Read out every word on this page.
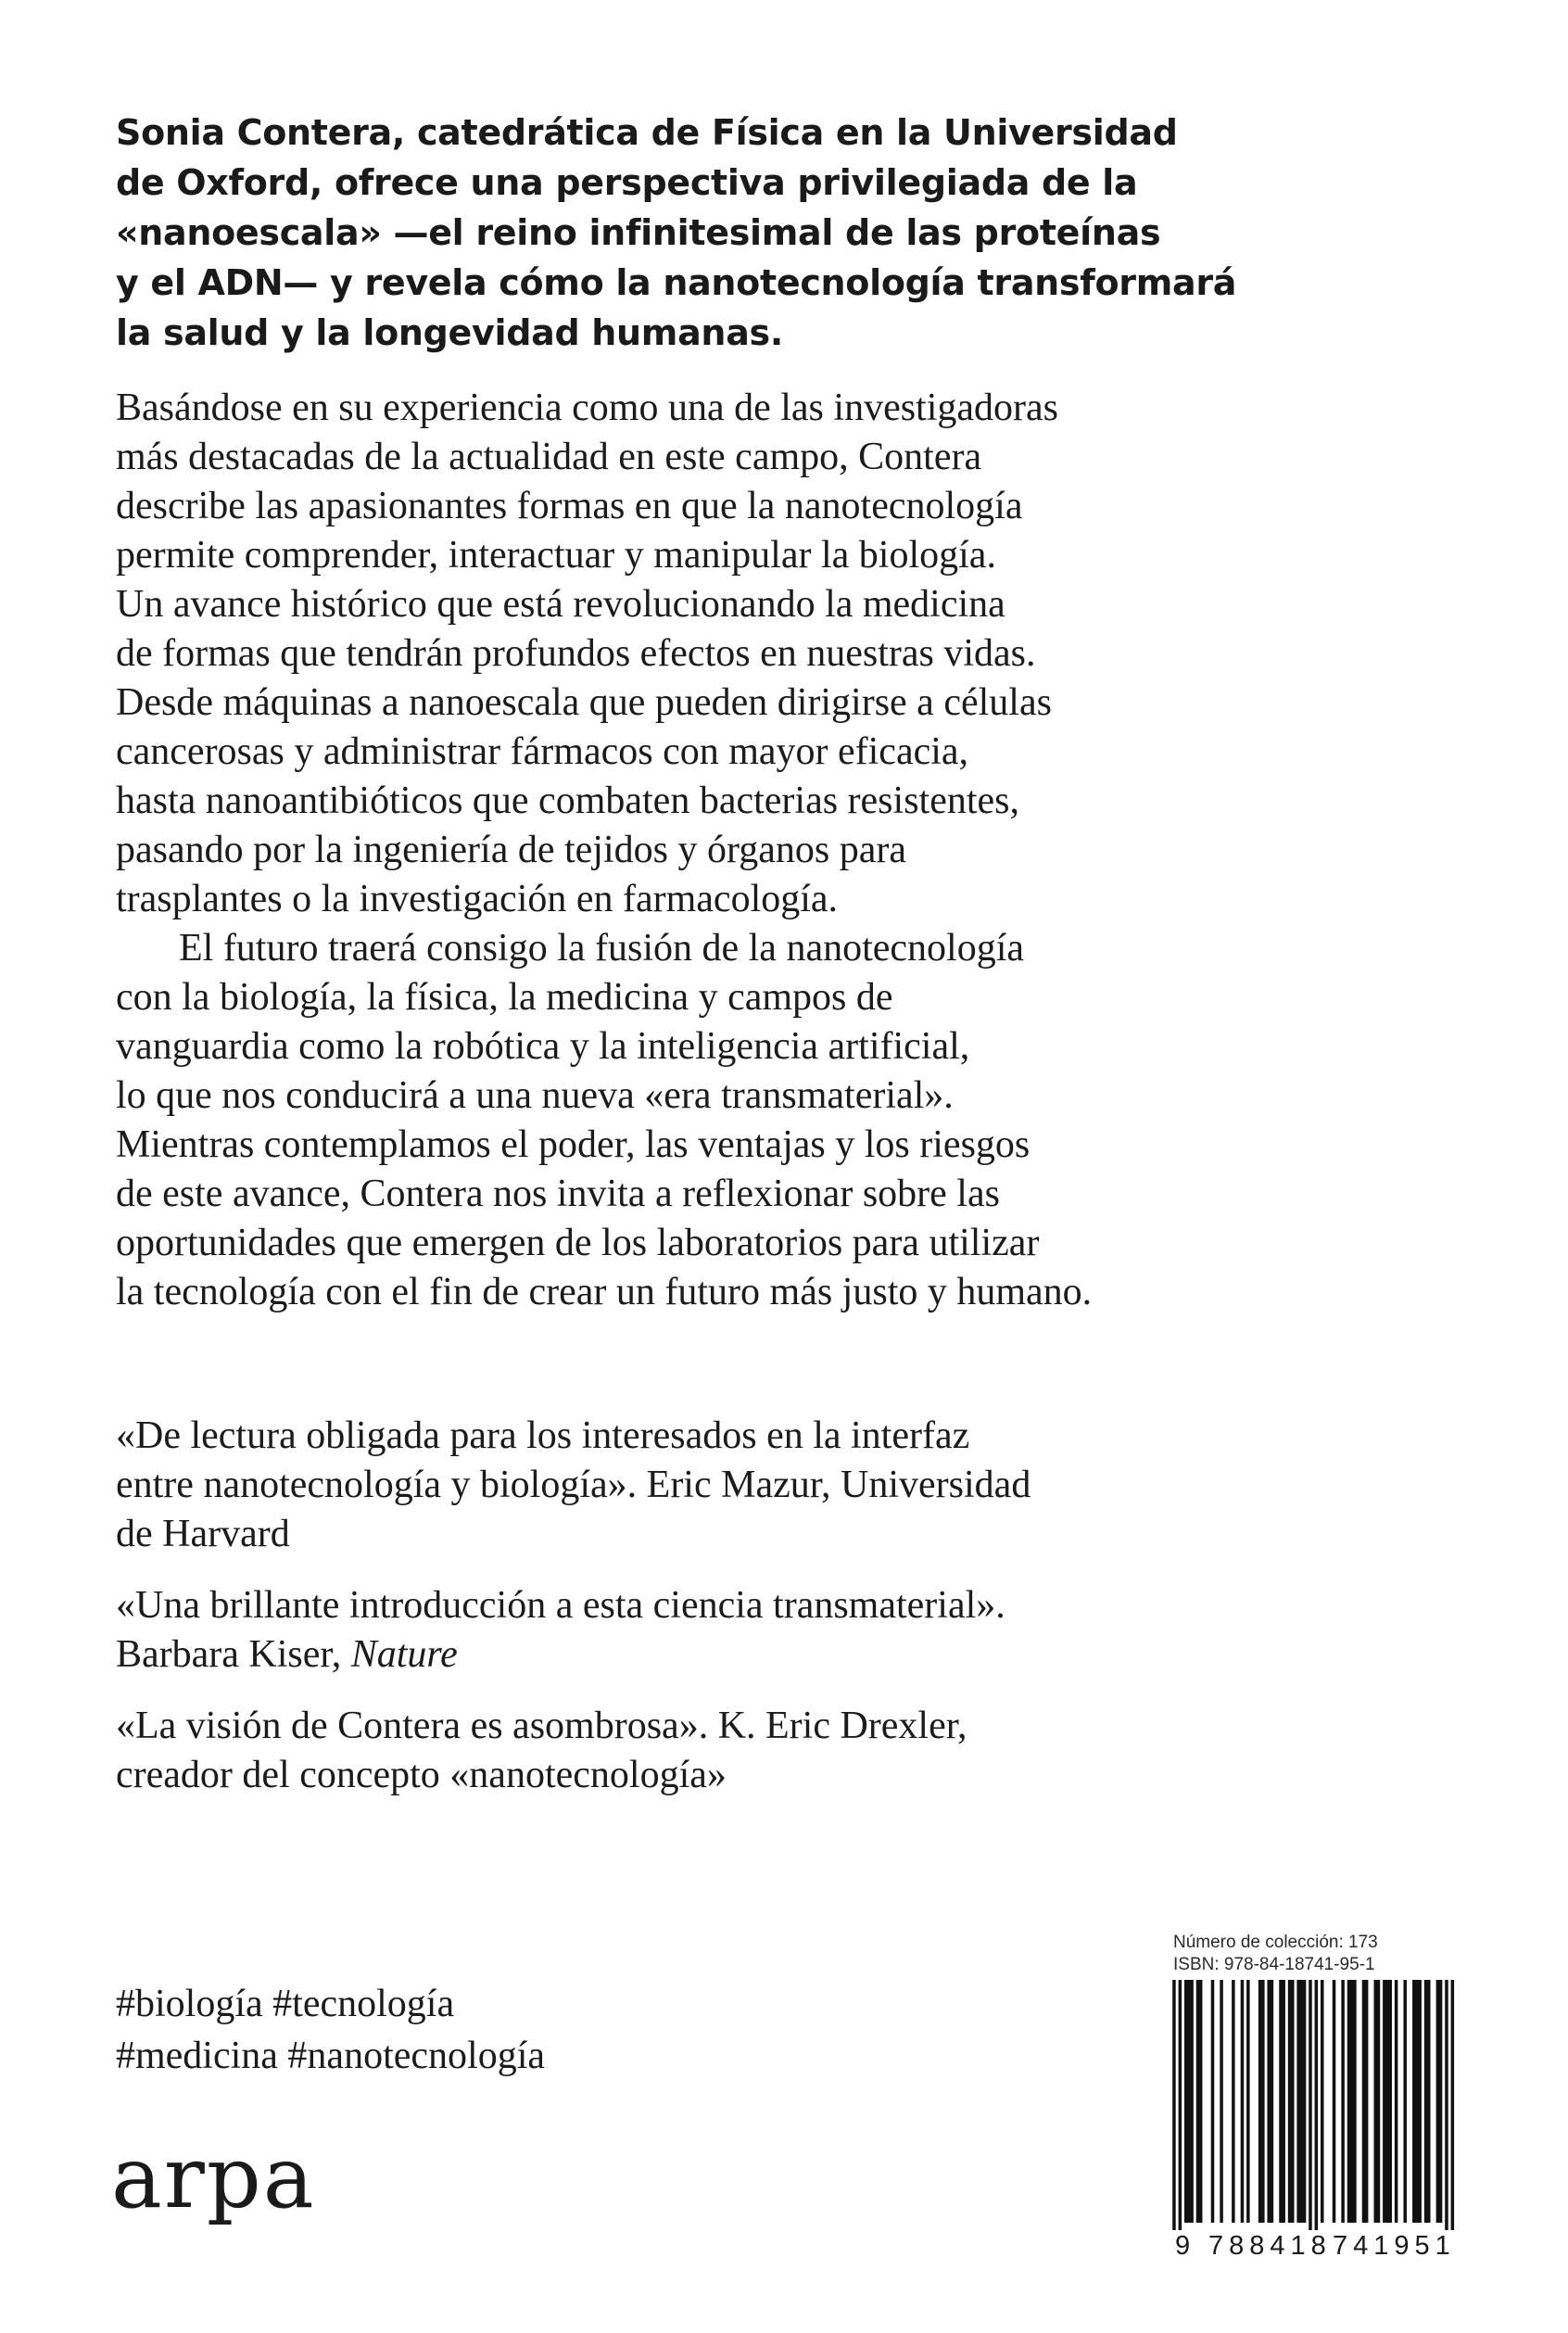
Sonia Contera, catedrática de Física en la Universidad
de Oxford, ofrece una perspectiva privilegiada de la
«nanoescala» —el reino infinitesimal de las proteínas
y el ADN— y revela cómo la nanotecnología transformará
la salud y la longevidad humanas.
Basándose en su experiencia como una de las investigadoras
más destacadas de la actualidad en este campo, Contera
describe las apasionantes formas en que la nanotecnología
permite comprender, interactuar y manipular la biología.
Un avance histórico que está revolucionando la medicina
de formas que tendrán profundos efectos en nuestras vidas.
Desde máquinas a nanoescala que pueden dirigirse a células
cancerosas y administrar fármacos con mayor eficacia,
hasta nanoantibióticos que combaten bacterias resistentes,
pasando por la ingeniería de tejidos y órganos para
trasplantes o la investigación en farmacología.
El futuro traerá consigo la fusión de la nanotecnología
con la biología, la física, la medicina y campos de
vanguardia como la robótica y la inteligencia artificial,
lo que nos conducirá a una nueva «era transmaterial».
Mientras contemplamos el poder, las ventajas y los riesgos
de este avance, Contera nos invita a reflexionar sobre las
oportunidades que emergen de los laboratorios para utilizar
la tecnología con el fin de crear un futuro más justo y humano.
«De lectura obligada para los interesados en la interfaz
entre nanotecnología y biología». Eric Mazur, Universidad
de Harvard
«Una brillante introducción a esta ciencia transmaterial».
Barbara Kiser, Nature
«La visión de Contera es asombrosa». K. Eric Drexler,
creador del concepto «nanotecnología»
#biología #tecnología
#medicina #nanotecnología
arpa
Número de colección: 173
ISBN: 978-84-18741-95-1
9 788418 741951
